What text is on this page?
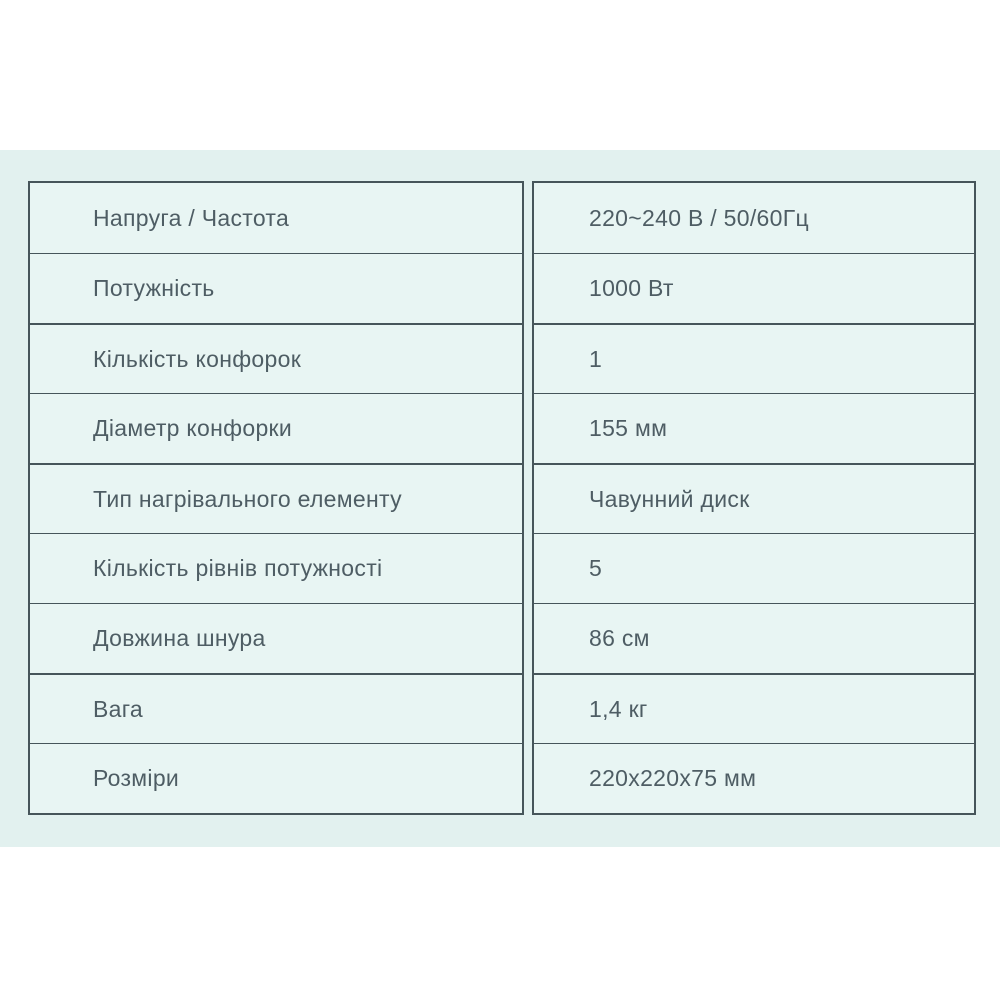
Напруга / Частота
Потужність
Кількість конфорок
Діаметр конфорки
Тип нагрівального елементу
Кількість рівнів потужності
Довжина шнура
Вага
Розміри
220~240 В / 50/60Гц
1000 Вт
1
155 мм
Чавунний диск
5
86 см
1,4 кг
220х220х75 мм
